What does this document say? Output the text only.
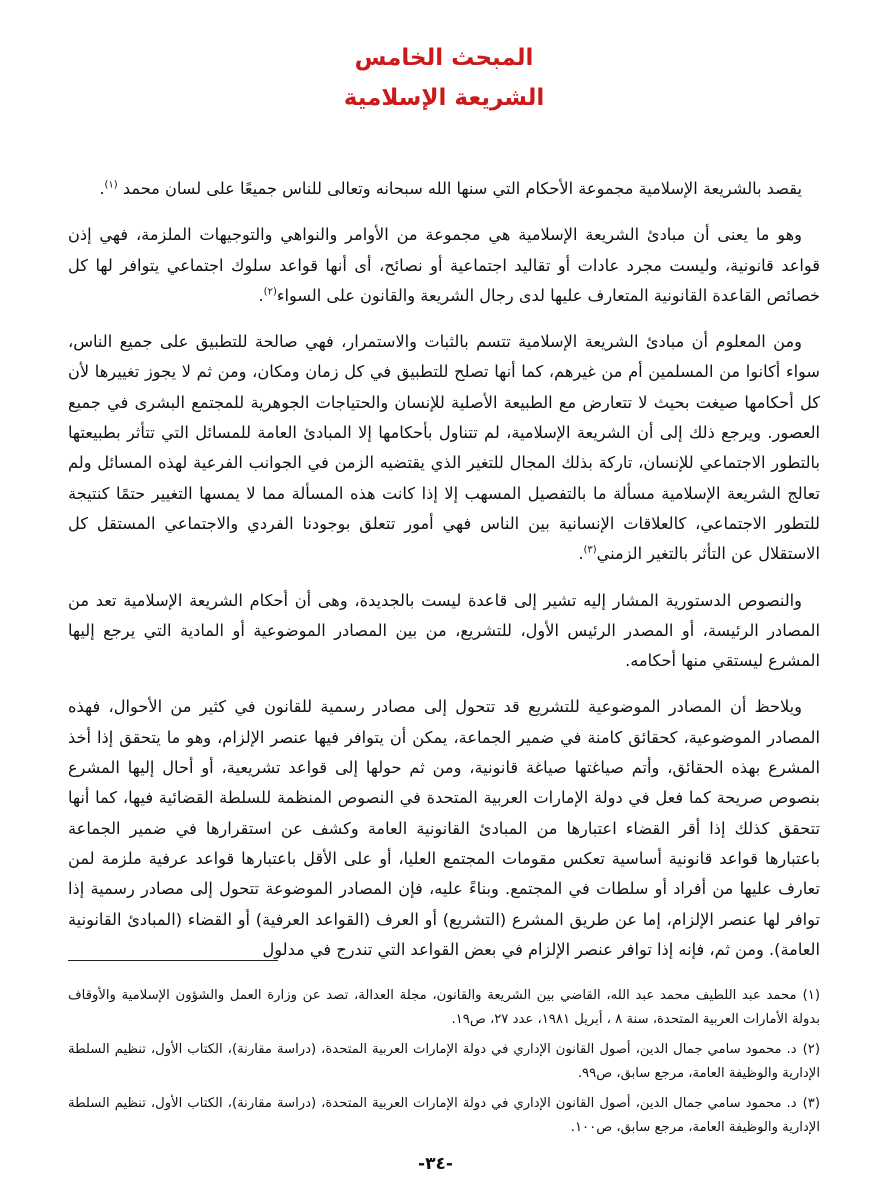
المبحث الخامس

الشريعة الإسلامية

يقصد بالشريعة الإسلامية مجموعة الأحكام التي سنها الله سبحانه وتعالى للناس جميعًا على لسان محمد $^{(١)}$.

وهو ما يعنى أن مبادئ الشريعة الإسلامية هي مجموعة من الأوامر والنواهي والتوجيهات الملزمة، فهي إذن قواعد قانونية، وليست مجرد عادات أو تقاليد اجتماعية أو نصائح، أى أنها قواعد سلوك اجتماعي يتوافر لها كل خصائص القاعدة القانونية المتعارف عليها لدى رجال الشريعة والقانون على السواء$^{(٢)}$.

ومن المعلوم أن مبادئ الشريعة الإسلامية تتسم بالثبات والاستمرار، فهي صالحة للتطبيق على جميع الناس، سواء أكانوا من المسلمين أم من غيرهم، كما أنها تصلح للتطبيق في كل زمان ومكان، ومن ثم لا يجوز تغييرها لأن كل أحكامها صيغت بحيث لا تتعارض مع الطبيعة الأصلية للإنسان والحتياجات الجوهرية للمجتمع البشرى في جميع العصور. ويرجع ذلك إلى أن الشريعة الإسلامية، لم تتناول بأحكامها إلا المبادئ العامة للمسائل التي تتأثر بطبيعتها بالتطور الاجتماعي للإنسان، تاركة بذلك المجال للتغير الذي يقتضيه الزمن في الجوانب الفرعية لهذه المسائل ولم تعالج الشريعة الإسلامية مسألة ما بالتفصيل المسهب إلا إذا كانت هذه المسألة مما لا يمسها التغيير حتمًا كنتيجة للتطور الاجتماعي، كالعلاقات الإنسانية بين الناس فهي أمور تتعلق بوجودنا الفردي والاجتماعي المستقل كل الاستقلال عن التأثر بالتغير الزمني$^{(٣)}$.

والنصوص الدستورية المشار إليه تشير إلى قاعدة ليست بالجديدة، وهى أن أحكام الشريعة الإسلامية تعد من المصادر الرئيسة، أو المصدر الرئيس الأول، للتشريع، من بين المصادر الموضوعية أو المادية التي يرجع إليها المشرع ليستقي منها أحكامه.

ويلاحظ أن المصادر الموضوعية للتشريع قد تتحول إلى مصادر رسمية للقانون في كثير من الأحوال، فهذه المصادر الموضوعية، كحقائق كامنة في ضمير الجماعة، يمكن أن يتوافر فيها عنصر الإلزام، وهو ما يتحقق إذا أخذ المشرع بهذه الحقائق، وأتم صياغتها صياغة قانونية، ومن ثم حولها إلى قواعد تشريعية، أو أحال إليها المشرع بنصوص صريحة كما فعل في دولة الإمارات العربية المتحدة في النصوص المنظمة للسلطة القضائية فيها، كما أنها تتحقق كذلك إذا أقر القضاء اعتبارها من المبادئ القانونية العامة وكشف عن استقرارها في ضمير الجماعة باعتبارها قواعد قانونية أساسية تعكس مقومات المجتمع العليا، أو على الأقل باعتبارها قواعد عرفية ملزمة لمن تعارف عليها من أفراد أو سلطات في المجتمع. وبناءً عليه، فإن المصادر الموضوعة تتحول إلى مصادر رسمية إذا توافر لها عنصر الإلزام، إما عن طريق المشرع (التشريع) أو العرف (القواعد العرفية) أو القضاء (المبادئ القانونية العامة). ومن ثم، فإنه إذا توافر عنصر الإلزام في بعض القواعد التي تندرج في مدلول

(١)محمد عبد اللطيف محمد عبد الله، القاضي بين الشريعة والقانون، مجلة العدالة، تصد عن وزارة العمل والشؤون الإسلامية والأوقاف بدولة الأمارات العربية المتحدة، سنة ٨ ، أبريل ١٩٨١، عدد ٢٧، ص١٩.

(٢)د. محمود سامي جمال الدين، أصول القانون الإداري في دولة الإمارات العربية المتحدة، (دراسة مقارنة)، الكتاب الأول، تنظيم السلطة الإدارية والوظيفة العامة، مرجع سابق، ص٩٩.

(٣)د. محمود سامي جمال الدين، أصول القانون الإداري في دولة الإمارات العربية المتحدة، (دراسة مقارنة)، الكتاب الأول، تنظيم السلطة الإدارية والوظيفة العامة، مرجع سابق، ص١٠٠.

-٣٤-
